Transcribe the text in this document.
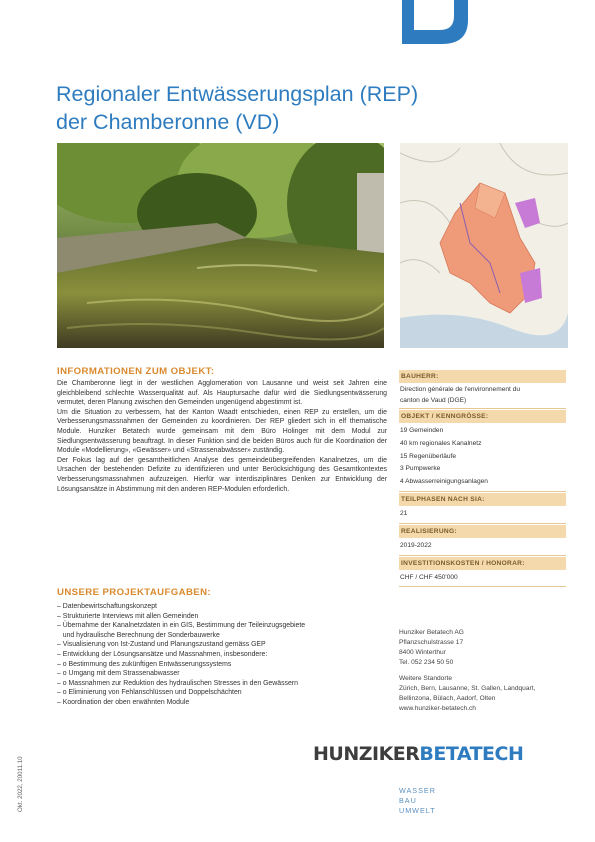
Regionaler Entwässerungsplan (REP)
der Chamberonne (VD)
INFORMATIONEN ZUM OBJEKT:
Die Chamberonne liegt in der westlichen Agglomeration von Lausanne und weist seit Jahren eine gleichbleibend schlechte Wasserqualität auf. Als Hauptursache dafür wird die Siedlungsentwässerung vermutet, deren Planung zwischen den Gemeinden ungenügend abgestimmt ist.
Um die Situation zu verbessern, hat der Kanton Waadt entschieden, einen REP zu erstellen, um die Verbesserungsmassnahmen der Gemeinden zu koordinieren. Der REP gliedert sich in elf thematische Module. Hunziker Betatech wurde gemeinsam mit dem Büro Holinger mit dem Modul zur Siedlungsentwässerung beauftragt. In dieser Funktion sind die beiden Büros auch für die Koordination der Module «Modellierung», «Gewässer» und «Strassenabwässer» zuständig.
Der Fokus lag auf der gesamtheitlichen Analyse des gemeindeübergreifenden Kanalnetzes, um die Ursachen der bestehenden Defizite zu identifizieren und unter Berücksichtigung des Gesamtkontextes Verbesserungsmassnahmen aufzuzeigen. Hierfür war interdisziplinäres Denken zur Entwicklung der Lösungsansätze in Abstimmung mit den anderen REP-Modulen erforderlich.
UNSERE PROJEKTAUFGABEN:
– Datenbewirtschaftungskonzept
– Strukturierte Interviews mit allen Gemeinden
– Übernahme der Kanalnetzdaten in ein GIS, Bestimmung der Teileinzugsgebiete
und hydraulische Berechnung der Sonderbauwerke
– Visualisierung von Ist-Zustand und Planungszustand gemäss GEP
– Entwicklung der Lösungsansätze und Massnahmen, insbesondere:
– o Bestimmung des zukünftigen Entwässerungssystems
– o Umgang mit dem Strassenabwasser
– o Massnahmen zur Reduktion des hydraulischen Stresses in den Gewässern
– o Eliminierung von Fehlanschlüssen und Doppelschächten
– Koordination der oben erwähnten Module
BAUHERR:
Direction générale de l'environnement du
canton de Vaud (DGE)
OBJEKT / KENNGRÖSSE:
19 Gemeinden
40 km regionales Kanalnetz
15 Regenüberläufe
3 Pumpwerke
4 Abwasserreinigungsanlagen
TEILPHASEN NACH SIA:
21
REALISIERUNG:
2019-2022
INVESTITIONSKOSTEN / HONORAR:
CHF / CHF 450'000

Hunziker Betatech AG

Pflanzschulstrasse 17

8400 Winterthur

Tel. 052 234 50 50

Weitere Standorte

Zürich, Bern, Lausanne, St. Gallen, Landquart,

Bellinzona, Bülach, Aadorf, Olten

www.hunziker-betatech.ch

HUNZIKERBETATECH
WASSER
BAU
UMWELT
Okt. 2022, 20011.10
